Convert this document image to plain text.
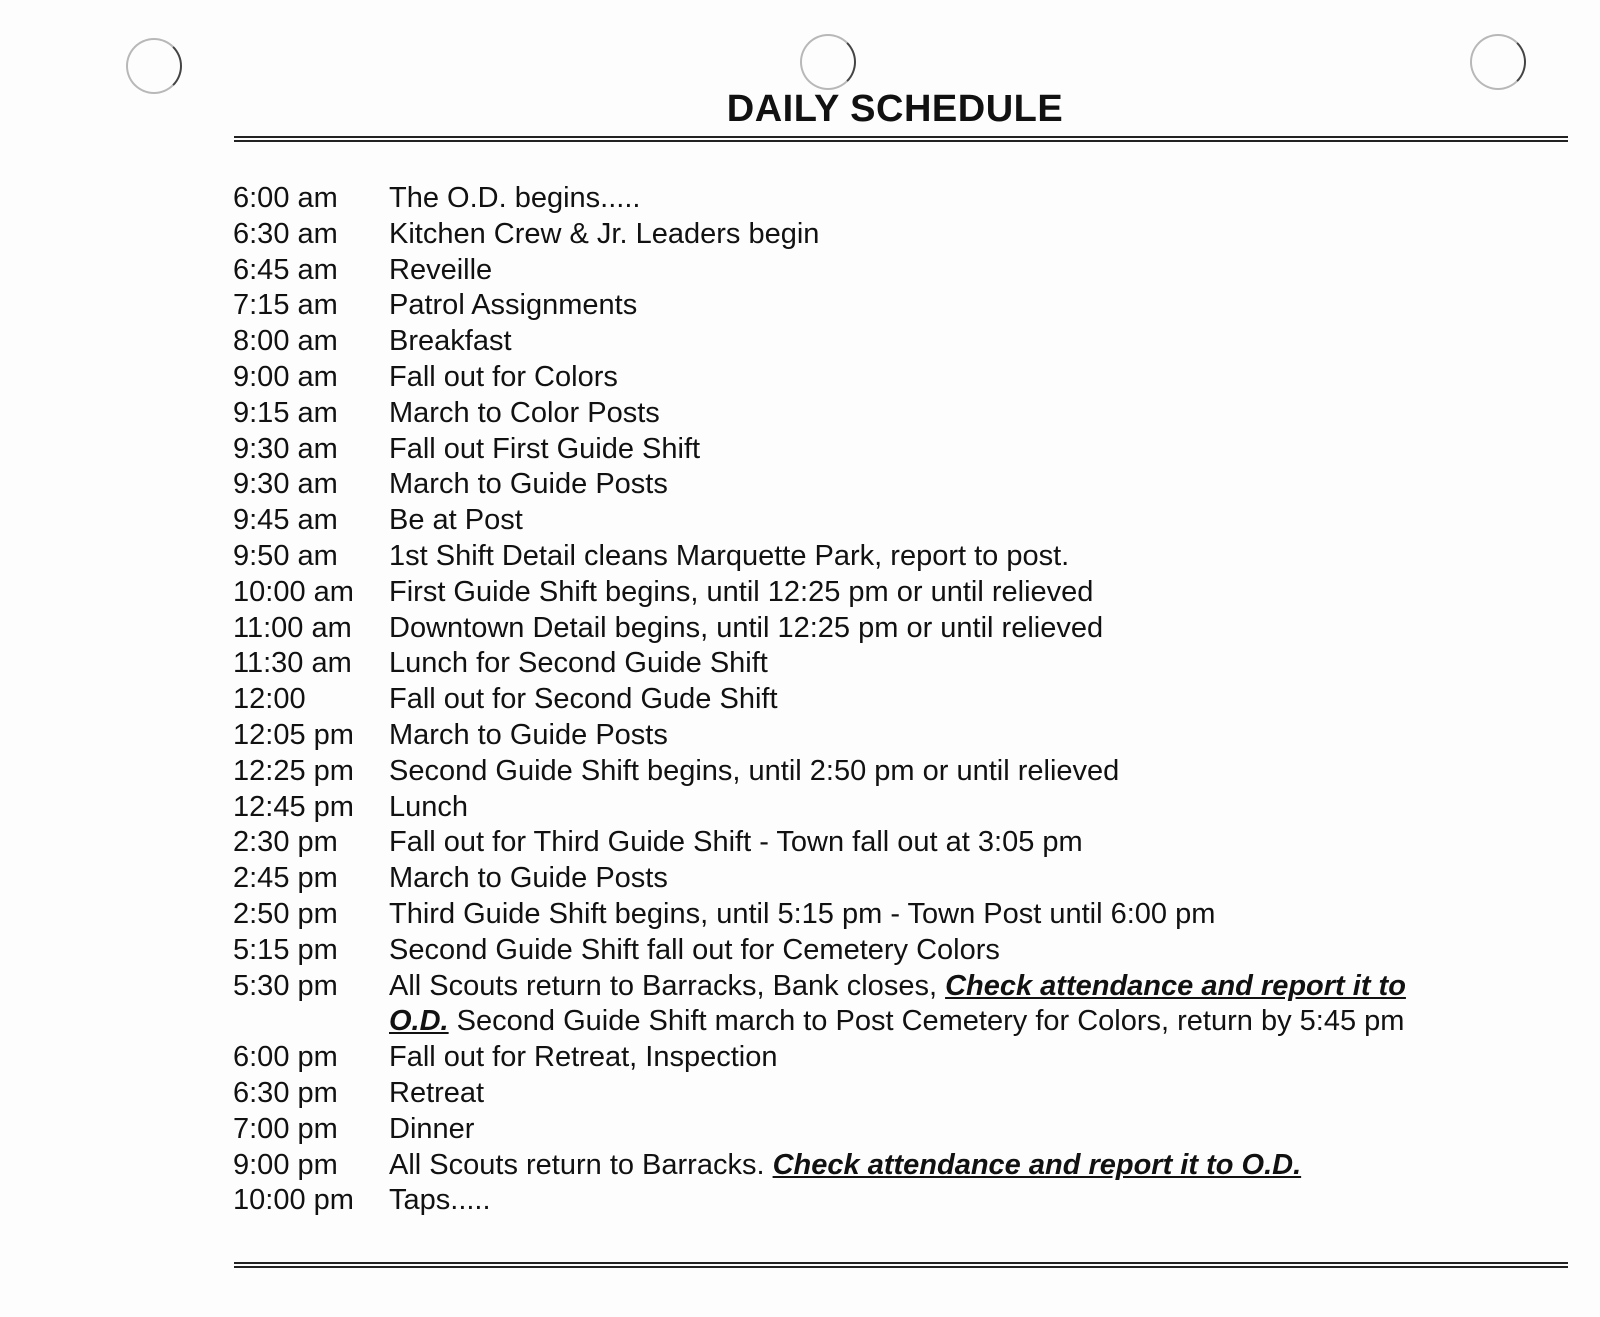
DAILY SCHEDULE
6:00 am	The O.D. begins.....
6:30 am	Kitchen Crew & Jr. Leaders begin
6:45 am	Reveille
7:15 am	Patrol Assignments
8:00 am	Breakfast
9:00 am	Fall out for Colors
9:15 am	March to Color Posts
9:30 am	Fall out First Guide Shift
9:30 am	March to Guide Posts
9:45 am	Be at Post
9:50 am	1st Shift Detail cleans Marquette Park, report to post.
10:00 am	First Guide Shift begins, until 12:25 pm or until relieved
11:00 am	Downtown Detail begins, until 12:25 pm or until relieved
11:30 am	Lunch for Second Guide Shift
12:00	Fall out for Second Gude Shift
12:05 pm	March to Guide Posts
12:25 pm	Second Guide Shift begins, until 2:50 pm or until relieved
12:45 pm	Lunch
2:30 pm	Fall out for Third Guide Shift - Town fall out at 3:05 pm
2:45 pm	March to Guide Posts
2:50 pm	Third Guide Shift begins, until 5:15 pm - Town Post until 6:00 pm
5:15 pm	Second Guide Shift fall out for Cemetery Colors
5:30 pm	All Scouts return to Barracks, Bank closes, Check attendance and report it to
O.D. Second Guide Shift march to Post Cemetery for Colors, return by 5:45 pm
6:00 pm	Fall out for Retreat, Inspection
6:30 pm	Retreat
7:00 pm	Dinner
9:00 pm	All Scouts return to Barracks. Check attendance and report it to O.D.
10:00 pm	Taps.....
